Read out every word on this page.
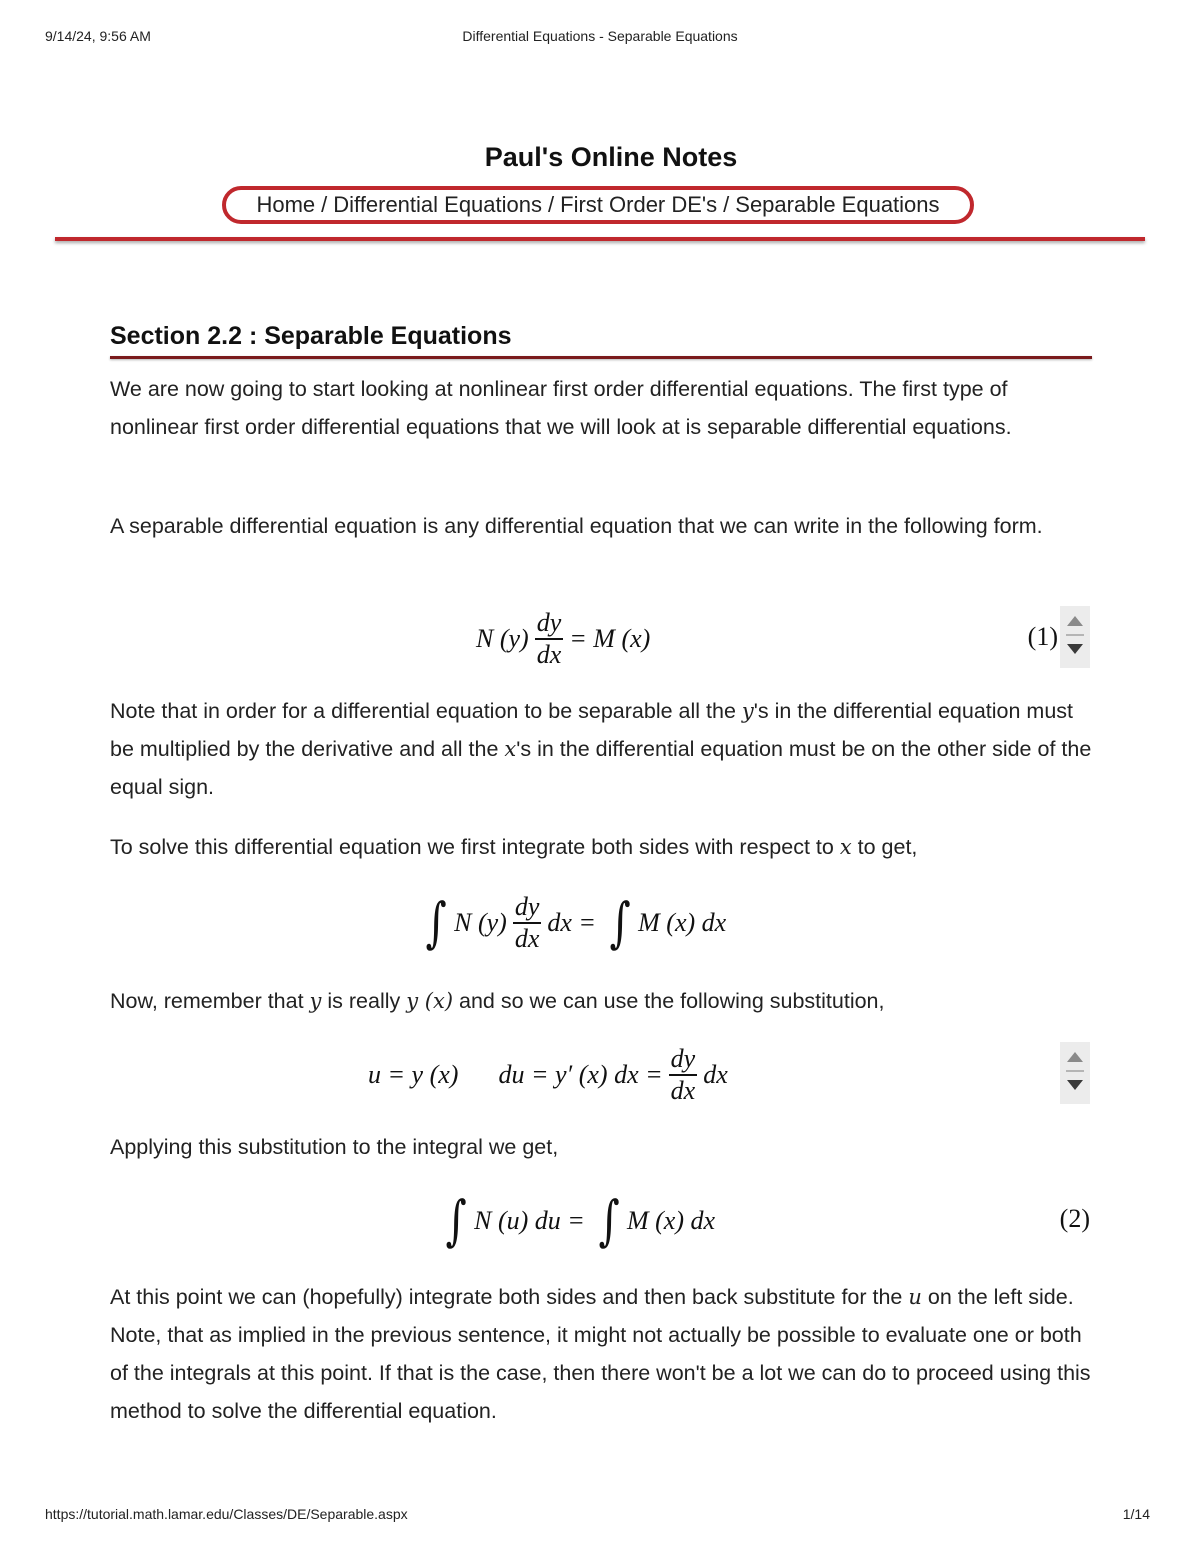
9/14/24, 9:56 AM	Differential Equations - Separable Equations
Paul's Online Notes
Home / Differential Equations / First Order DE's / Separable Equations
Section 2.2 : Separable Equations

We are now going to start looking at nonlinear first order differential equations. The first type of nonlinear first order differential equations that we will look at is separable differential equations.

A separable differential equation is any differential equation that we can write in the following form.

N $(y) \frac{dy}{dx} = M$ (x)	(1)

Note that in order for a differential equation to be separable all the y's in the differential equation must be multiplied by the derivative and all the x's in the differential equation must be on the other side of the equal sign.

To solve this differential equation we first integrate both sides with respect to x to get,

∫ N $(y) \frac{dy}{dx}$ dx = ∫ M (x) dx

Now, remember that y is really y (x) and so we can use the following substitution,

u = y (x) du = y′ (x) dx = $\frac{dy}{dx}$ dx

Applying this substitution to the integral we get,

∫ N (u) du = ∫ M (x) dx	(2)

At this point we can (hopefully) integrate both sides and then back substitute for the u on the left side. Note, that as implied in the previous sentence, it might not actually be possible to evaluate one or both of the integrals at this point. If that is the case, then there won't be a lot we can do to proceed using this method to solve the differential equation.

https://tutorial.math.lamar.edu/Classes/DE/Separable.aspx	1/14
